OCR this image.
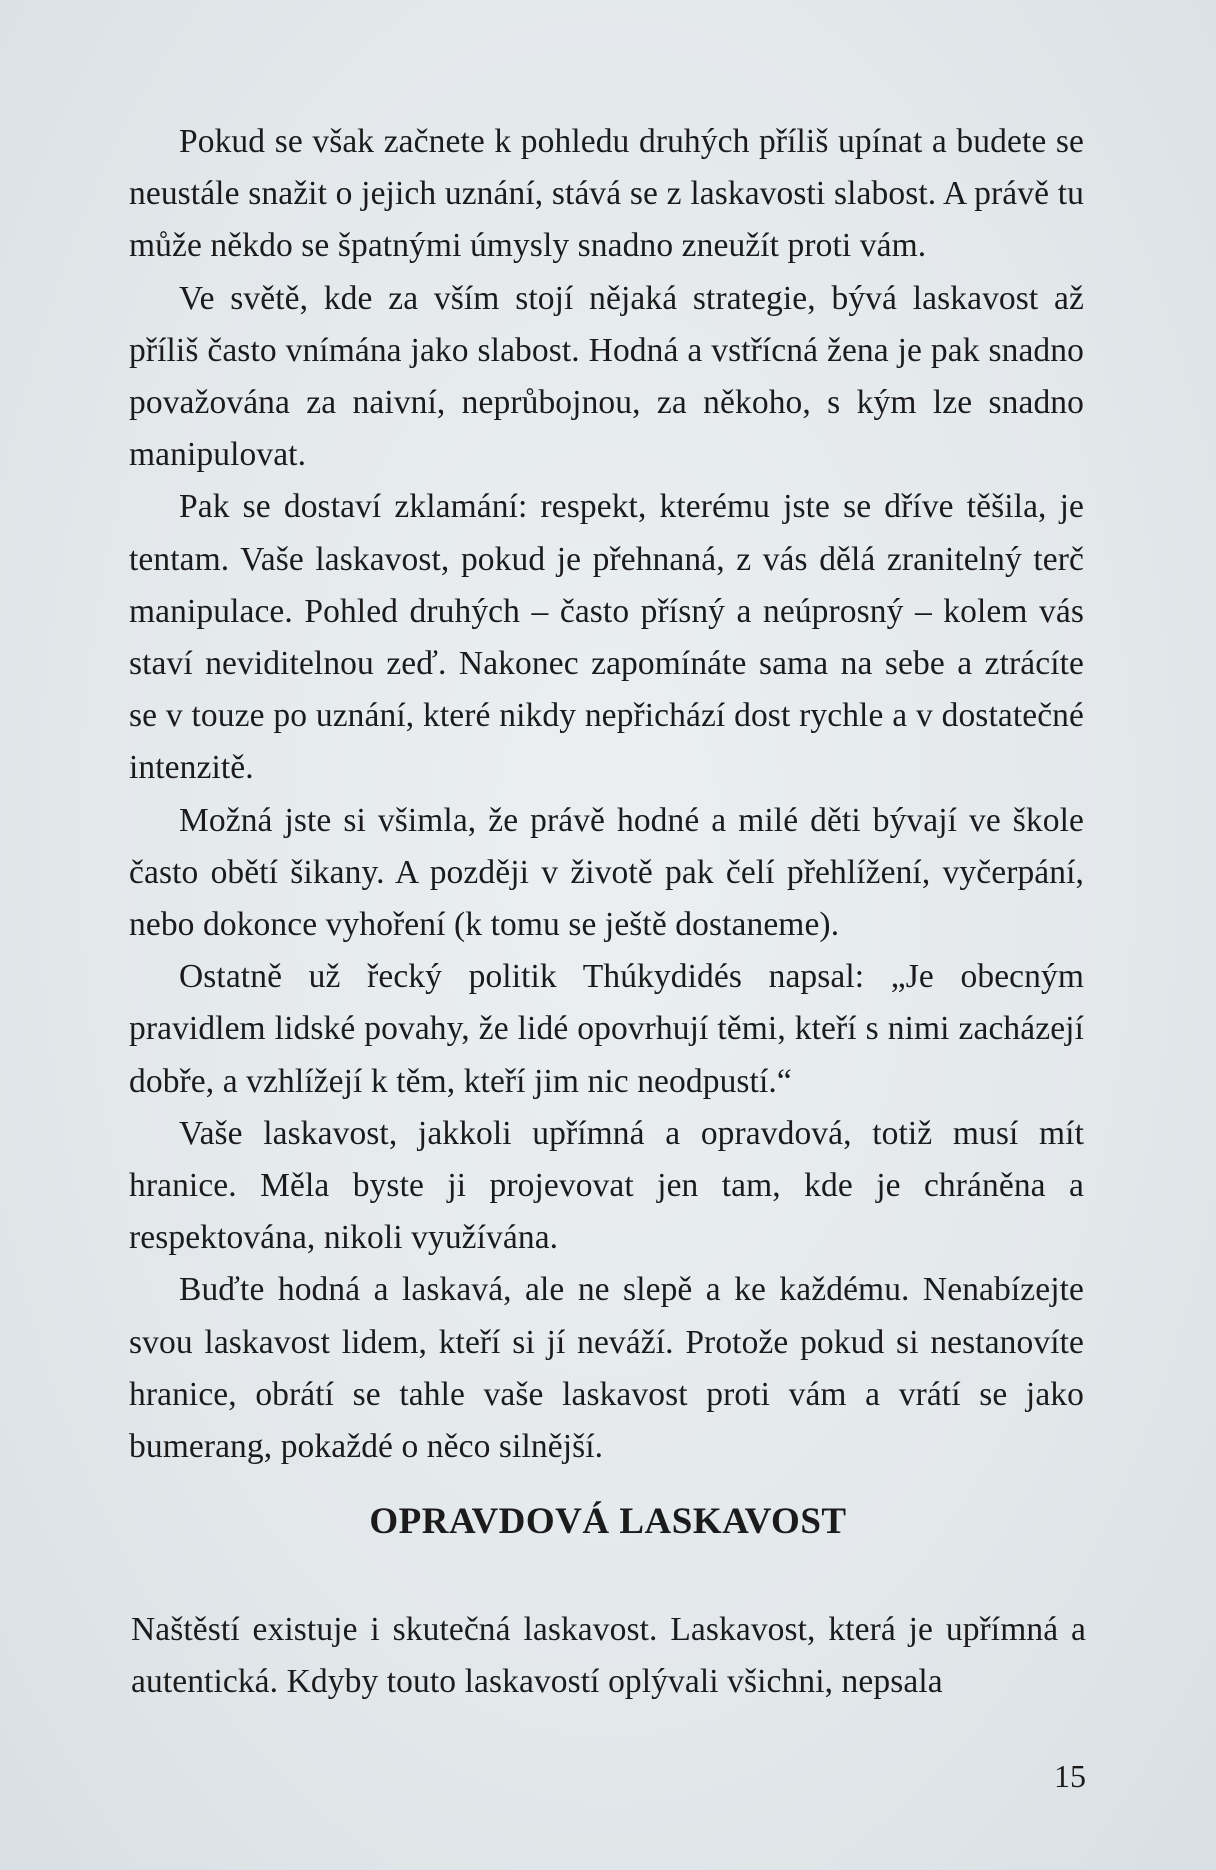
Pokud se však začnete k pohledu druhých příliš upínat a budete se neustále snažit o jejich uznání, stává se z laskavosti slabost. A právě tu může někdo se špatnými úmysly snadno zneužít proti vám.

Ve světě, kde za vším stojí nějaká strategie, bývá laskavost až příliš často vnímána jako slabost. Hodná a vstřícná žena je pak snadno považována za naivní, neprůbojnou, za někoho, s kým lze snadno manipulovat.

Pak se dostaví zklamání: respekt, kterému jste se dříve těšila, je tentam. Vaše laskavost, pokud je přehnaná, z vás dělá zranitelný terč manipulace. Pohled druhých – často přísný a neúprosný – kolem vás staví neviditelnou zeď. Nakonec zapomínáte sama na sebe a ztrácíte se v touze po uznání, které nikdy nepřichází dost rychle a v dostatečné intenzitě.

Možná jste si všimla, že právě hodné a milé děti bývají ve škole často obětí šikany. A později v životě pak čelí přehlížení, vyčerpání, nebo dokonce vyhoření (k tomu se ještě dostaneme).

Ostatně už řecký politik Thúkydidés napsal: „Je obecným pravidlem lidské povahy, že lidé opovrhují těmi, kteří s nimi zacházejí dobře, a vzhlížejí k těm, kteří jim nic neodpustí.“

Vaše laskavost, jakkoli upřímná a opravdová, totiž musí mít hranice. Měla byste ji projevovat jen tam, kde je chráněna a respektována, nikoli využívána.

Buďte hodná a laskavá, ale ne slepě a ke každému. Nenabízejte svou laskavost lidem, kteří si jí neváží. Protože pokud si nestanovíte hranice, obrátí se tahle vaše laskavost proti vám a vrátí se jako bumerang, pokaždé o něco silnější.

OPRAVDOVÁ LASKAVOST

Naštěstí existuje i skutečná laskavost. Laskavost, která je upřímná a autentická. Kdyby touto laskavostí oplývali všichni, nepsala

15
